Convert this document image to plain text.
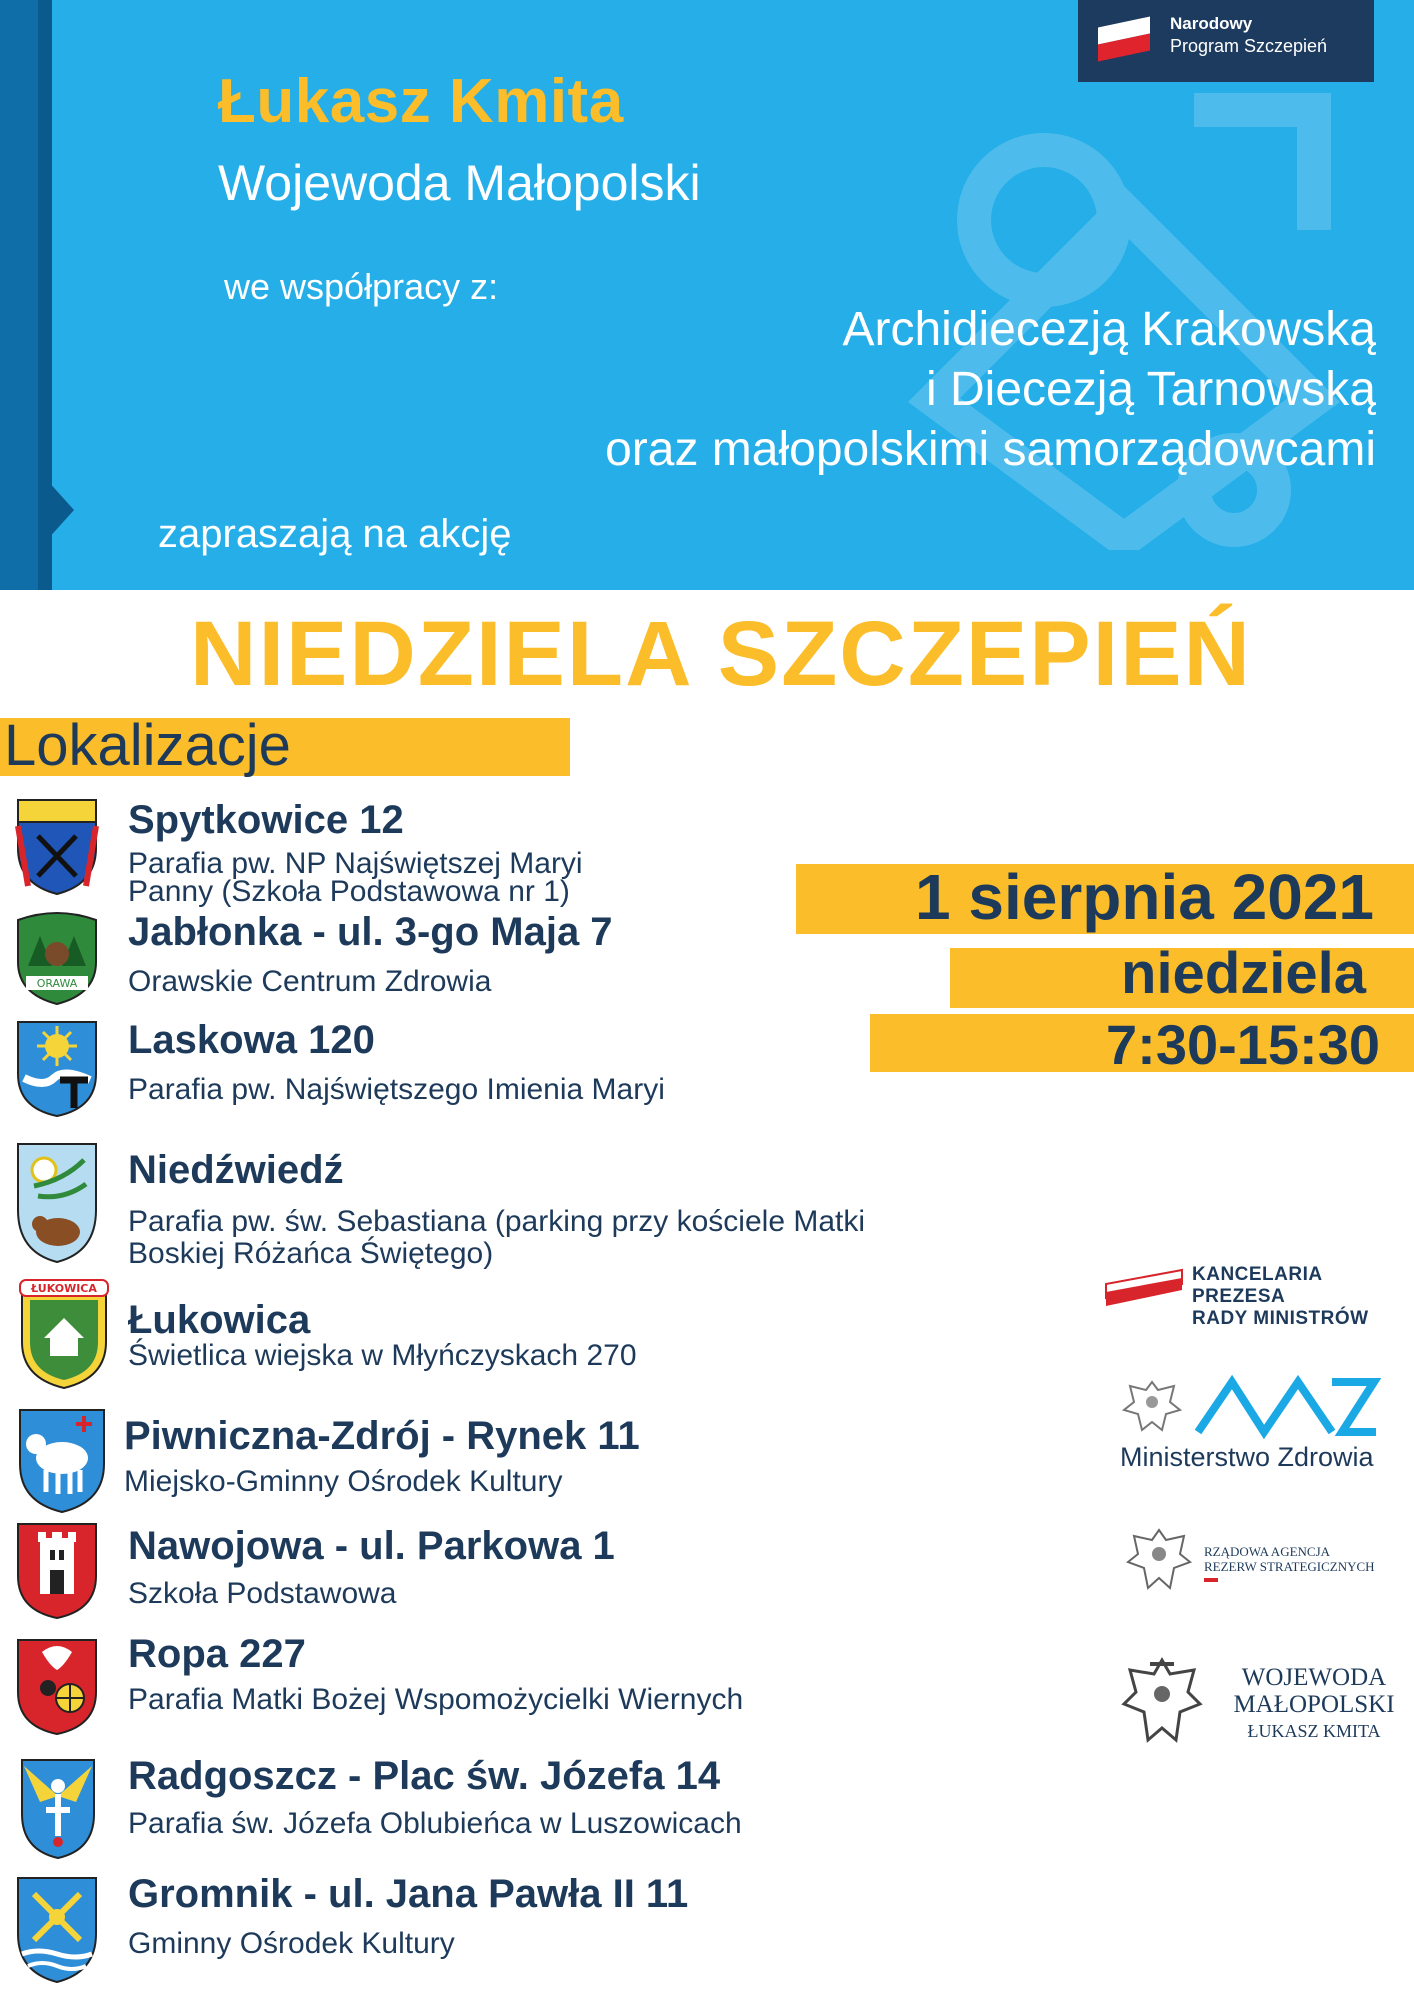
Narodowy
Program Szczepień
Łukasz Kmita
Wojewoda Małopolski
we współpracy z:
Archidiecezją Krakowską
i Diecezją Tarnowską
oraz małopolskimi samorządowcami
zapraszają na akcję
NIEDZIELA SZCZEPIEŃ
Lokalizacje
1 sierpnia 2021
niedziela
7:30-15:30
Spytkowice 12
Parafia pw. NP Najświętszej Maryi
Panny (Szkoła Podstawowa nr 1)
ORAWA
Jabłonka - ul. 3-go Maja 7
Orawskie Centrum Zdrowia
Laskowa 120
Parafia pw. Najświętszego Imienia Maryi
Niedźwiedź
Parafia pw. św. Sebastiana (parking przy kościele Matki
Boskiej Różańca Świętego)
ŁUKOWICA
Łukowica
Świetlica wiejska w Młyńczyskach 270
Piwniczna-Zdrój - Rynek 11
Miejsko-Gminny Ośrodek Kultury
Nawojowa - ul. Parkowa 1
Szkoła Podstawowa
Ropa 227
Parafia Matki Bożej Wspomożycielki Wiernych
Radgoszcz - Plac św. Józefa 14
Parafia św. Józefa Oblubieńca w Luszowicach
Gromnik - ul. Jana Pawła II 11
Gminny Ośrodek Kultury
KANCELARIA PREZESA
RADY MINISTRÓW
Ministerstwo Zdrowia
RZĄDOWA AGENCJA
REZERW STRATEGICZNYCH
WOJEWODA
MAŁOPOLSKI
ŁUKASZ KMITA
